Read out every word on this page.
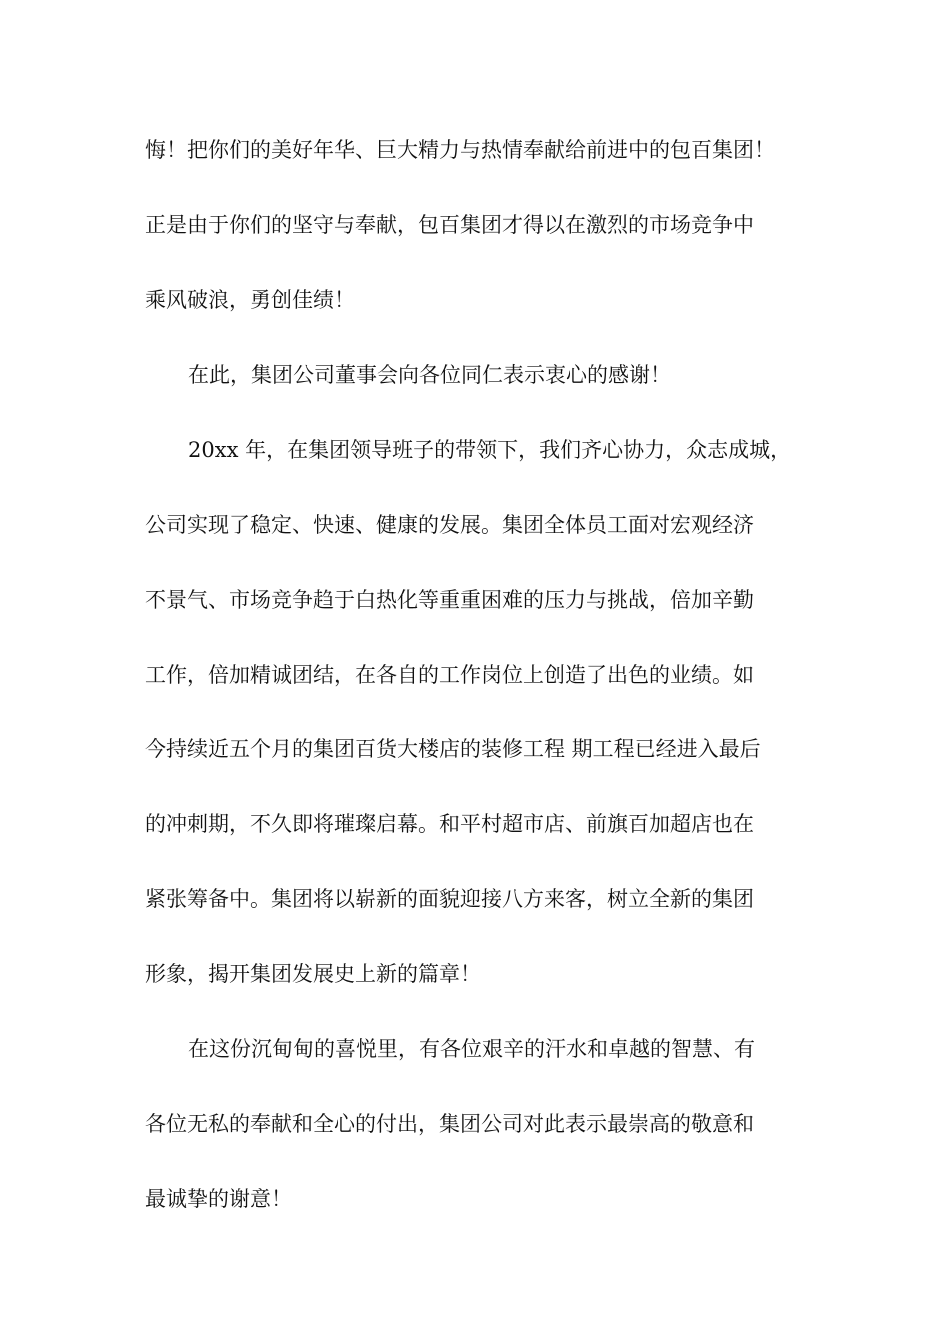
悔！把你们的美好年华、巨大精力与热情奉献给前进中的包百集团！
正是由于你们的坚守与奉献，包百集团才得以在激烈的市场竞争中
乘风破浪，勇创佳绩！
在此，集团公司董事会向各位同仁表示衷心的感谢！
20xx 年，在集团领导班子的带领下，我们齐心协力，众志成城，
公司实现了稳定、快速、健康的发展。集团全体员工面对宏观经济
不景气、市场竞争趋于白热化等重重困难的压力与挑战，倍加辛勤
工作，倍加精诚团结，在各自的工作岗位上创造了出色的业绩。如
今持续近五个月的集团百货大楼店的装修工程 期工程已经进入最后
的冲刺期，不久即将璀璨启幕。和平村超市店、前旗百加超店也在
紧张筹备中。集团将以崭新的面貌迎接八方来客，树立全新的集团
形象，揭开集团发展史上新的篇章！
在这份沉甸甸的喜悦里，有各位艰辛的汗水和卓越的智慧、有
各位无私的奉献和全心的付出，集团公司对此表示最崇高的敬意和
最诚挚的谢意！
